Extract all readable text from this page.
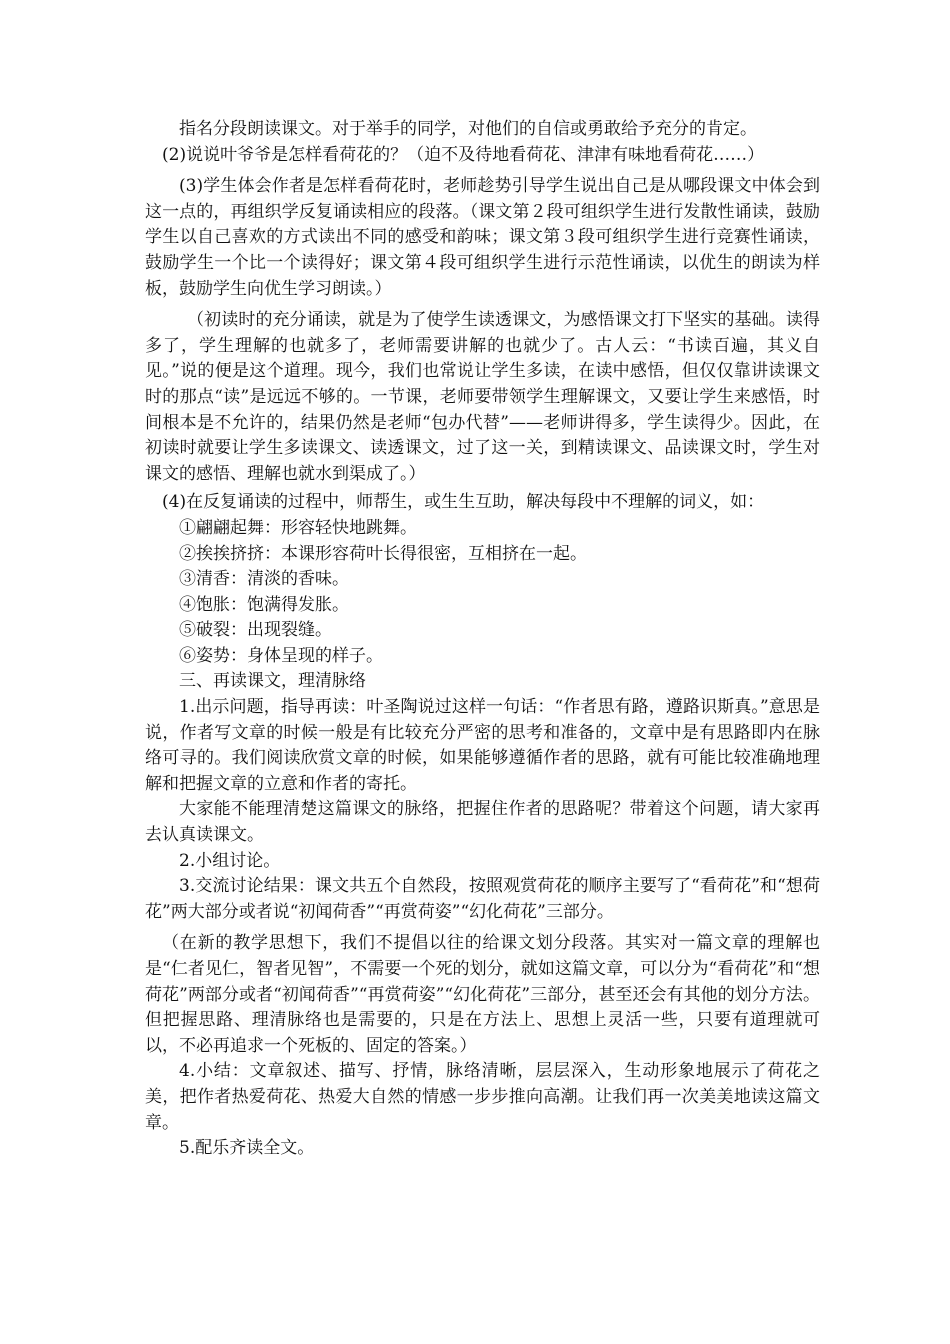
指名分段朗读课文。对于举手的同学，对他们的自信或勇敢给予充分的肯定。

(2)说说叶爷爷是怎样看荷花的？（迫不及待地看荷花、津津有味地看荷花……）

(3)学生体会作者是怎样看荷花时，老师趁势引导学生说出自己是从哪段课文中体会到这一点的，再组织学反复诵读相应的段落。（课文第２段可组织学生进行发散性诵读，鼓励学生以自己喜欢的方式读出不同的感受和韵味；课文第３段可组织学生进行竞赛性诵读，鼓励学生一个比一个读得好；课文第４段可组织学生进行示范性诵读，以优生的朗读为样板，鼓励学生向优生学习朗读。）

（初读时的充分诵读，就是为了使学生读透课文，为感悟课文打下坚实的基础。读得多了，学生理解的也就多了，老师需要讲解的也就少了。古人云：“书读百遍，其义自见。”说的便是这个道理。现今，我们也常说让学生多读，在读中感悟，但仅仅靠讲读课文时的那点“读”是远远不够的。一节课，老师要带领学生理解课文，又要让学生来感悟，时间根本是不允许的，结果仍然是老师“包办代替”——老师讲得多，学生读得少。因此，在初读时就要让学生多读课文、读透课文，过了这一关，到精读课文、品读课文时，学生对课文的感悟、理解也就水到渠成了。）

(4)在反复诵读的过程中，师帮生，或生生互助，解决每段中不理解的词义，如：

①翩翩起舞：形容轻快地跳舞。

②挨挨挤挤：本课形容荷叶长得很密，互相挤在一起。

③清香：清淡的香味。

④饱胀：饱满得发胀。

⑤破裂：出现裂缝。

⑥姿势：身体呈现的样子。

三、再读课文，理清脉络

1.出示问题，指导再读：叶圣陶说过这样一句话：“作者思有路，遵路识斯真。”意思是说，作者写文章的时候一般是有比较充分严密的思考和准备的，文章中是有思路即内在脉络可寻的。我们阅读欣赏文章的时候，如果能够遵循作者的思路，就有可能比较准确地理解和把握文章的立意和作者的寄托。

大家能不能理清楚这篇课文的脉络，把握住作者的思路呢？带着这个问题，请大家再去认真读课文。

2.小组讨论。

3.交流讨论结果：课文共五个自然段，按照观赏荷花的顺序主要写了“看荷花”和“想荷花”两大部分或者说“初闻荷香”“再赏荷姿”“幻化荷花”三部分。

（在新的教学思想下，我们不提倡以往的给课文划分段落。其实对一篇文章的理解也是“仁者见仁，智者见智”，不需要一个死的划分，就如这篇文章，可以分为“看荷花”和“想荷花”两部分或者“初闻荷香”“再赏荷姿”“幻化荷花”三部分，甚至还会有其他的划分方法。但把握思路、理清脉络也是需要的，只是在方法上、思想上灵活一些，只要有道理就可以，不必再追求一个死板的、固定的答案。）

4.小结：文章叙述、描写、抒情，脉络清晰，层层深入，生动形象地展示了荷花之美，把作者热爱荷花、热爱大自然的情感一步步推向高潮。让我们再一次美美地读这篇文章。

5.配乐齐读全文。
